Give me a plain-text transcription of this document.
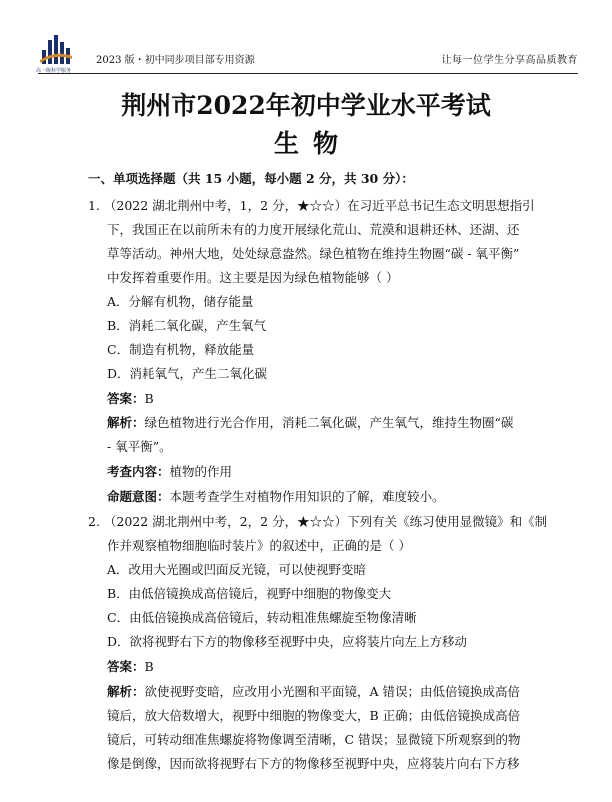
高一级科学服务
2023 版・初中同步项目部专用资源	让每一位学生分享高品质教育
荆州市2022年初中学业水平考试
生物
一、单项选择题（共 15 小题，每小题 2 分，共 30 分）：
1. （2022 湖北荆州中考，1，2 分，★☆☆）在习近平总书记生态文明思想指引
下，我国正在以前所未有的力度开展绿化荒山、荒漠和退耕还林、还湖、还
草等活动。神州大地，处处绿意盎然。绿色植物在维持生物圈“碳 - 氧平衡”
中发挥着重要作用。这主要是因为绿色植物能够（ ）
A．分解有机物，储存能量
B．消耗二氧化碳，产生氧气
C．制造有机物，释放能量
D．消耗氧气，产生二氧化碳
答案：B
解析：绿色植物进行光合作用，消耗二氧化碳，产生氧气，维持生物圈“碳
- 氧平衡”。
考查内容：植物的作用
命题意图：本题考查学生对植物作用知识的了解，难度较小。
2. （2022 湖北荆州中考，2，2 分，★☆☆）下列有关《练习使用显微镜》和《制
作并观察植物细胞临时装片》的叙述中，正确的是（ ）
A．改用大光圈或凹面反光镜，可以使视野变暗
B．由低倍镜换成高倍镜后，视野中细胞的物像变大
C．由低倍镜换成高倍镜后，转动粗准焦螺旋至物像清晰
D．欲将视野右下方的物像移至视野中央，应将装片向左上方移动
答案：B
解析：欲使视野变暗，应改用小光圈和平面镜，A 错误；由低倍镜换成高倍
镜后，放大倍数增大，视野中细胞的物像变大，B 正确；由低倍镜换成高倍
镜后，可转动细准焦螺旋将物像调至清晰，C 错误；显微镜下所观察到的物
像是倒像，因而欲将视野右下方的物像移至视野中央，应将装片向右下方移
